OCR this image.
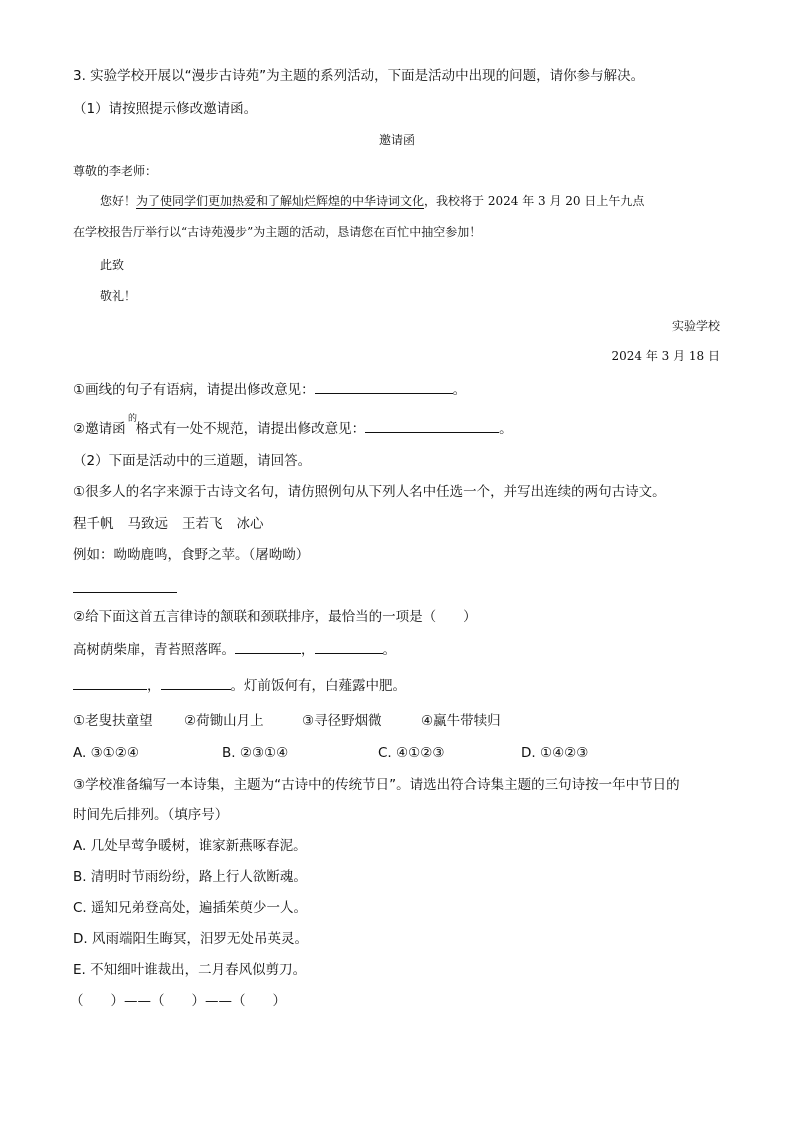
3. 实验学校开展以“漫步古诗苑”为主题的系列活动，下面是活动中出现的问题，请你参与解决。
（1）请按照提示修改邀请函。
邀请函
尊敬的李老师：
您好！为了使同学们更加热爱和了解灿烂辉煌的中华诗词文化，我校将于 2024 年 3 月 20 日上午九点
在学校报告厅举行以“古诗苑漫步”为主题的活动，恳请您在百忙中抽空参加！
此致
敬礼！
实验学校
2024 年 3 月 18 日
①画线的句子有语病，请提出修改意见：	。
的
②邀请函 格式有一处不规范，请提出修改意见：	。
（2）下面是活动中的三道题，请回答。
①很多人的名字来源于古诗文名句，请仿照例句从下列人名中任选一个，并写出连续的两句古诗文。
程千帆 马致远 王若飞 冰心
例如：呦呦鹿鸣，食野之苹。（屠呦呦）
②给下面这首五言律诗的颔联和颈联排序，最恰当的一项是（　　）
高树荫柴扉，青苔照落晖。	，	。
，	。灯前饭何有，白薤露中肥。
①老叟扶童望 ②荷锄山月上	③寻径野烟微	④赢牛带犊归
A. ③①②④	B. ②③①④	C. ④①②③	D. ①④②③
③学校准备编写一本诗集，主题为“古诗中的传统节日”。请选出符合诗集主题的三句诗按一年中节日的
时间先后排列。（填序号）
A. 几处早莺争暖树，谁家新燕啄春泥。
B. 清明时节雨纷纷，路上行人欲断魂。
C. 遥知兄弟登高处，遍插茱萸少一人。
D. 风雨端阳生晦冥，汨罗无处吊英灵。
E. 不知细叶谁裁出，二月春风似剪刀。
（　　）——（　　）——（　　）
